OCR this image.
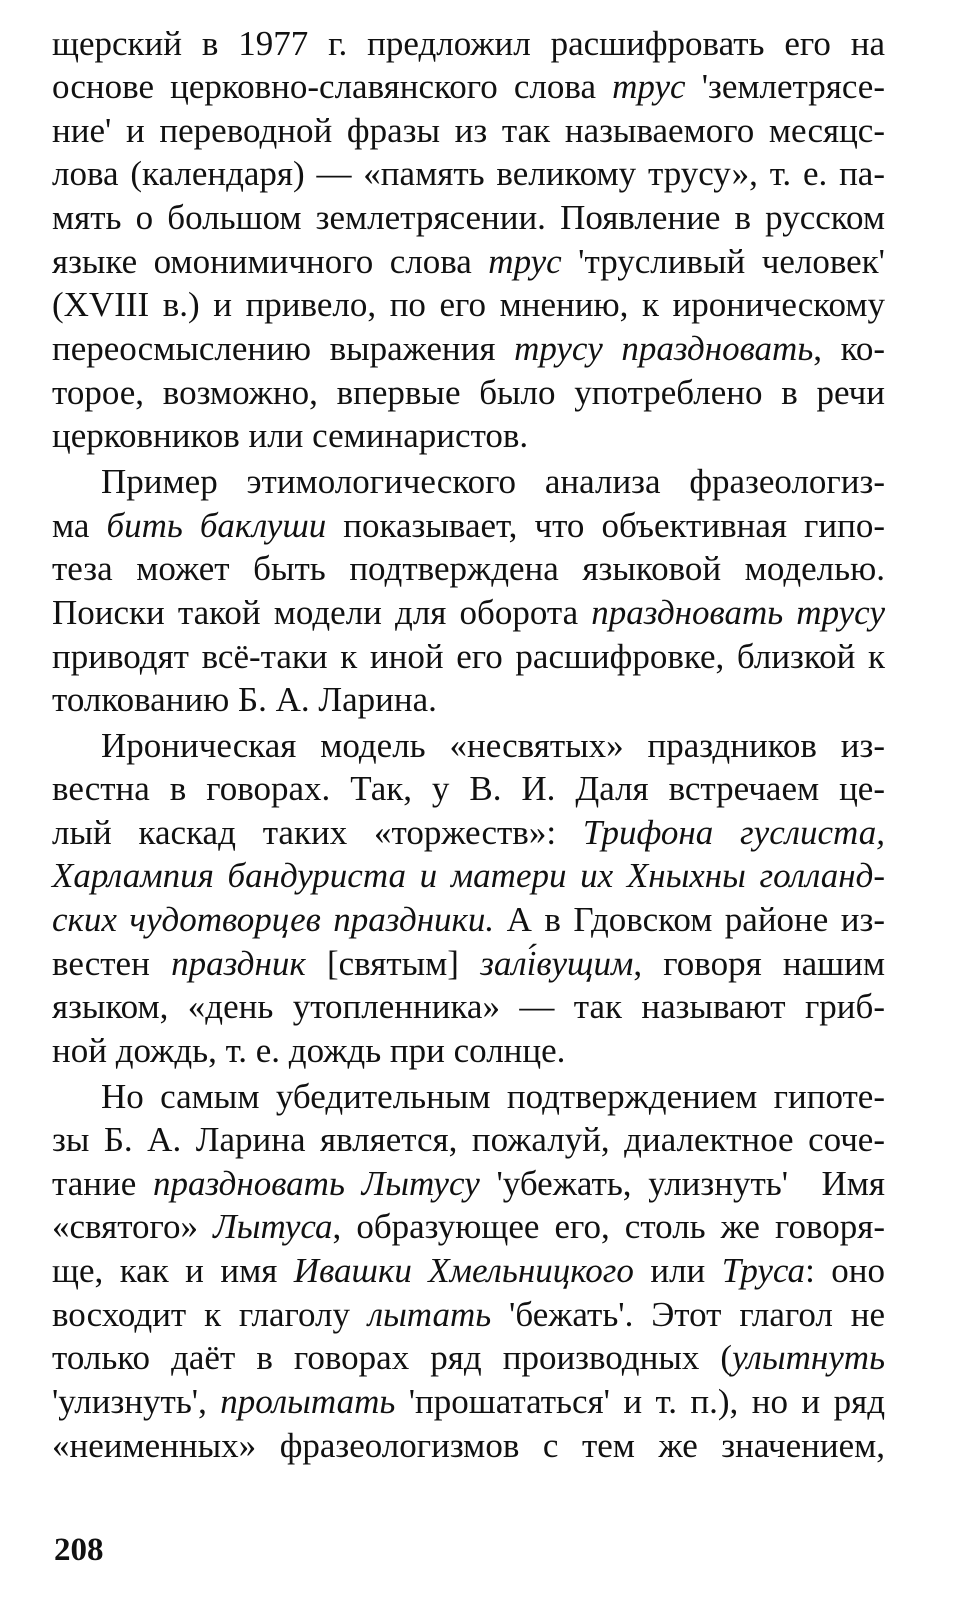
щерский в 1977 г. предложил расшифровать его на
основе церковно-славянского слова трус 'землетрясе-
ние' и переводной фразы из так называемого месяцс-
лова (календаря) — «память великому трусу», т. е. па-
мять о большом землетрясении. Появление в русском
языке омонимичного слова трус 'трусливый человек'
(XVIII в.) и привело, по его мнению, к ироническому
переосмыслению выражения трусу праздновать, ко-
торое, возможно, впервые было употреблено в речи
церковников или семинаристов.
Пример этимологического анализа фразеологиз-
ма бить баклуши показывает, что объективная гипо-
теза может быть подтверждена языковой моделью.
Поиски такой модели для оборота праздновать трусу
приводят всё-таки к иной его расшифровке, близкой к
толкованию Б. А. Ларина.
Ироническая модель «несвятых» праздников из-
вестна в говорах. Так, у В. И. Даля встречаем це-
лый каскад таких «торжеств»: Трифона гуслиста,
Харлампия бандуриста и матери их Хныхны голланд-
ских чудотворцев праздники. А в Гдовском районе из-
вестен праздник [святым] залі́вущим, говоря нашим
языком, «день утопленника» — так называют гриб-
ной дождь, т. е. дождь при солнце.
Но самым убедительным подтверждением гипоте-
зы Б. А. Ларина является, пожалуй, диалектное соче-
тание праздновать Лытусу 'убежать, улизнуть'  Имя
«святого» Лытуса, образующее его, столь же говоря-
ще, как и имя Ивашки Хмельницкого или Труса: оно
восходит к глаголу лытать 'бежать'. Этот глагол не
только даёт в говорах ряд производных (улытнуть
'улизнуть', пролытать 'прошататься' и т. п.), но и ряд
«неименных» фразеологизмов с тем же значением,
208
